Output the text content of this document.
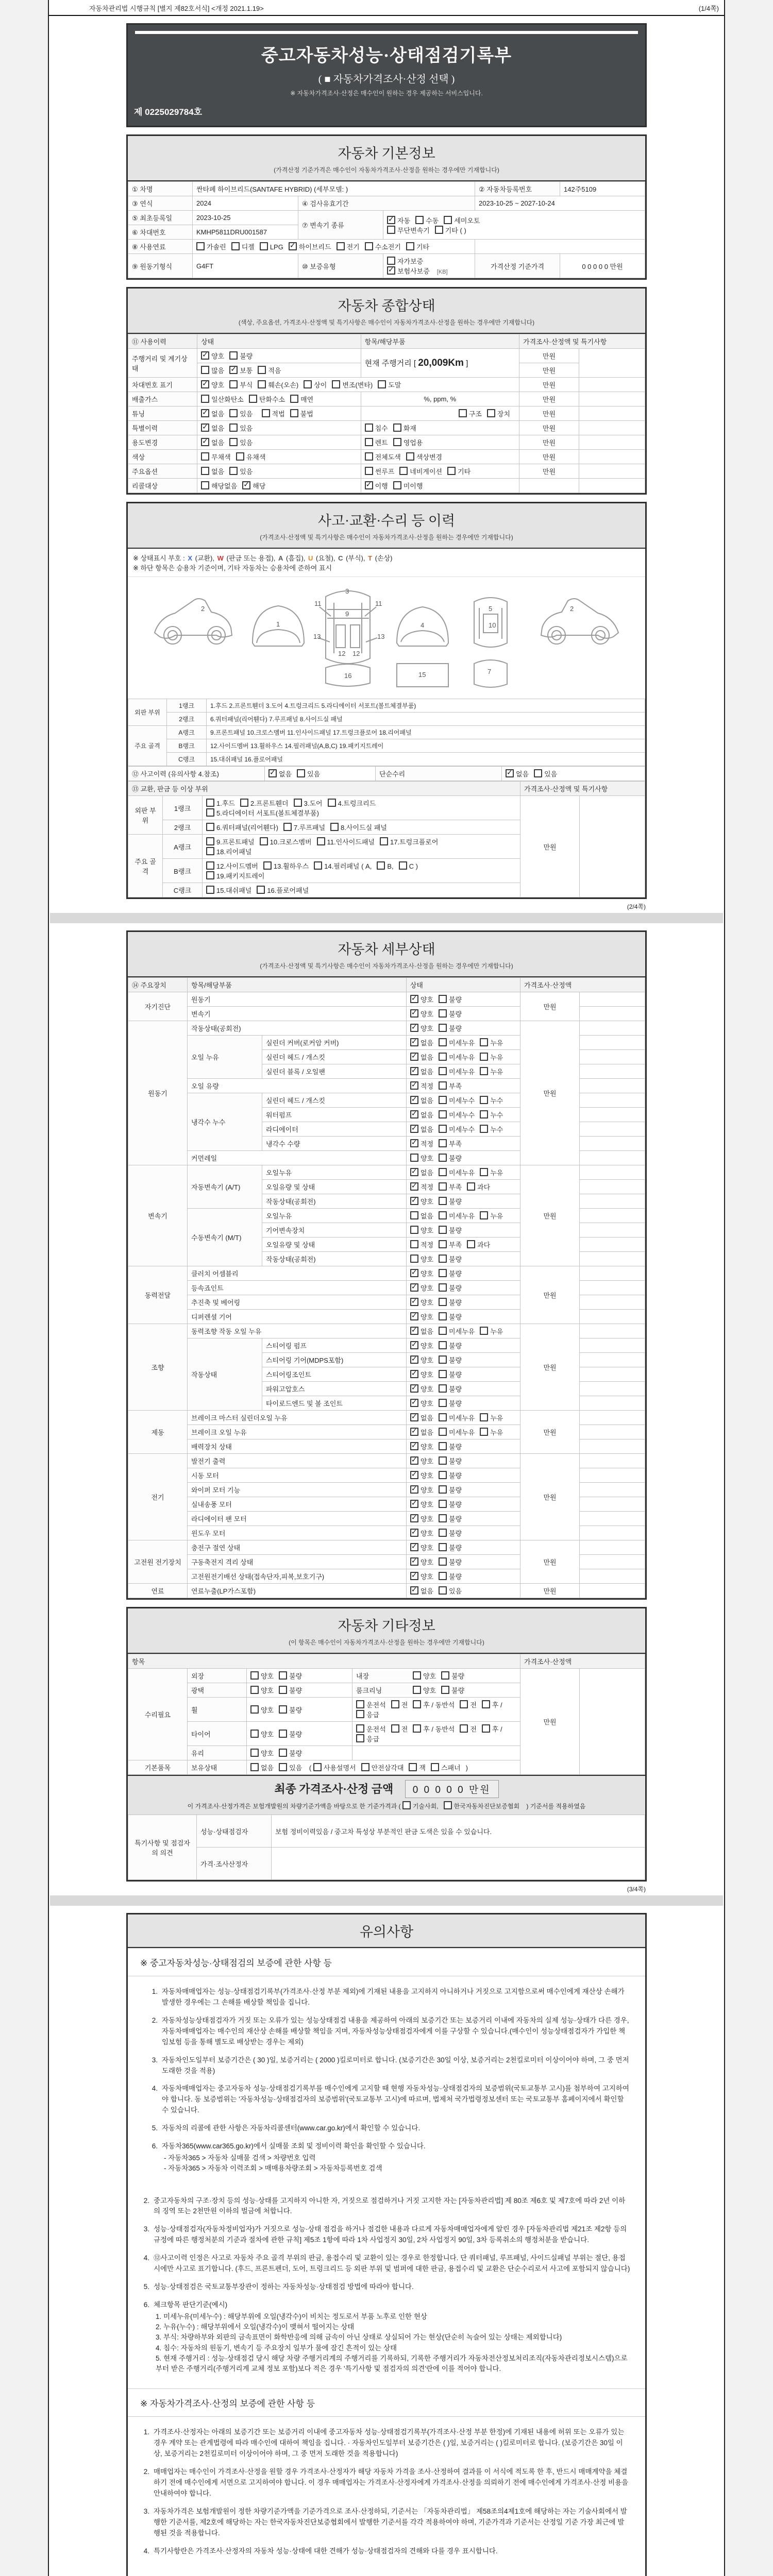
자동차관리법 시행규칙 [별지 제82호서식] <개정 2021.1.19>	(1/4쪽)
중고자동차성능·상태점검기록부
( ■ 자동차가격조사·산정 선택 )
※ 자동차가격조사·산정은 매수인이 원하는 경우 제공하는 서비스입니다.
제 0225029784호
자동차 기본정보
(가격산정 기준가격은 매수인이 자동차가격조사·산정을 원하는 경우에만 기재합니다)
① 차명	싼타페 하이브리드(SANTAFE HYBRID) (세부모델: )			② 자동차등록번호	142주5109
③ 연식	2024	④ 검사유효기간		2023-10-25 ~ 2027-10-24	
⑤ 최초등록일	2023-10-25	⑦ 변속기 종류	✓자동 수동 세미오토
무단변속기 기타 ( )
⑥ 차대번호	KMHP5811DRU001587				
⑧ 사용연료	가솔린 디젤 LPG ✓ 하이브리드 전기 수소전기 기타	
⑨ 원동기형식	G4FT	⑩ 보증유형	자가보증✓보험사보증 [KB]	가격산정 기준가격	0 0 0 0 0 만원
자동차 종합상태
(색상, 주요옵션, 가격조사·산정액 및 특기사항은 매수인이 자동차가격조사·산정을 원하는 경우에만 기재합니다)
⑪ 사용이력	상태	항목/해당부품	가격조사·산정액 및 특기사항	
주행거리 및 계기상태	✓양호 불량	현재 주행거리 [ 20,009Km ]	만원	
	많음 ✓ 보통 적음		만원	
차대번호 표기	✓양호 부식 훼손(오손) 상이 변조(변타) 도말		만원	
배출가스	일산화탄소 탄화수소 매연	%, ppm, %	만원	
튜닝	✓없음 있음 적법 불법	구조 장치	만원	
특별이력	✓없음 있음	침수 화재	만원	
용도변경	✓없음 있음	렌트 영업용	만원	
색상	무채색 유채색	전체도색 색상변경	만원	
주요옵션	없음 있음	썬루프 네비게이션 기타	만원	
리콜대상	해당없음 ✓ 해당	✓이행 미이행		
사고·교환·수리 등 이력
(가격조사·산정액 및 특기사항은 매수인이 자동차가격조사·산정을 원하는 경우에만 기재합니다)
※ 상태표시 부호 : X (교환), W (판금 또는 용접), A (흠집), U (요철), C (부식), T (손상)
※ 하단 항목은 승용차 기준이며, 기타 자동차는 승용차에 준하여 표시
2
1
11	11
13	13
12 12
3
9
4
2
5
10
7
16	15
외판 부위	1랭크	1.후드 2.프론트휀더 3.도어 4.트렁크리드 5.라디에이터 서포트(볼트체결부품)
	2랭크	6.쿼터패널(리어휀다) 7.루프패널 8.사이드실 패널
주요 골격	A랭크	9.프론트패널 10.크로스멤버 11.인사이드패널 17.트렁크플로어 18.리어패널
	B랭크	12.사이드멤버 13.휠하우스 14.필러패널(A,B,C) 19.패키지트레이
	C랭크	15.대쉬패널 16.플로어패널
⑫ 사고이력 (유의사항 4.참조)	✓없음 있음	단순수리	✓없음 있음
⑬ 교환, 판금 등 이상 부위			가격조사·산정액 및 특기사항	
외판 부위	1랭크	1.후드 2.프론트휀더 3.도어 4.트렁크리드
5.라디에이터 서포트(볼트체결부품)	만원	
	2랭크	6.쿼터패널(리어휀다) 7.루프패널 8.사이드실 패널		
주요 골격	A랭크	9.프론트패널 10.크로스멤버 11.인사이드패널 17.트렁크플로어
18.리어패널		
	B랭크	12.사이드멤버 13.휠하우스 14.필러패널 ( A, B, C )
19.패키지트레이		
	C랭크	15.대쉬패널 16.플로어패널		
(2/4쪽)
자동차 세부상태
(가격조사·산정액 및 특기사항은 매수인이 자동차가격조사·산정을 원하는 경우에만 기재합니다)
⑭ 주요장치	항목/해당부품		상태	가격조사·산정액	
자기진단	원동기	✓양호 불량	만원	
	변속기	✓양호 불량	
원동기	작동상태(공회전)	✓양호 불량	만원	
	오일 누유	실린더 커버(로커암 커버)	✓없음 미세누유 누유	
		실린더 헤드 / 개스킷	✓없음 미세누유 누유	
		실린더 블록 / 오일팬	✓없음 미세누유 누유	
	오일 유량	✓적정 부족	
	냉각수 누수	실린더 헤드 / 개스킷	✓없음 미세누수 누수	
		워터펌프	✓없음 미세누수 누수	
		라디에이터	✓없음 미세누수 누수	
		냉각수 수량	✓적정 부족	
	커먼레일		양호 불량		
변속기	자동변속기 (A/T)	오일누유	✓없음 미세누유 누유	만원	
		오일유량 및 상태	✓적정 부족 과다	
		작동상태(공회전)	✓양호 불량	
	수동변속기 (M/T)	오일누유	없음 미세누유 누유		
		기어변속장치	양호 불량		
		오일유량 및 상태	적정 부족 과다		
		작동상태(공회전)	양호 불량		
동력전달	클러치 어셈블리	✓양호 불량	만원	
	등속죠인트	✓양호 불량	
	추진축 및 베어링	✓양호 불량	
	디퍼렌셜 기어	✓양호 불량	
조향	동력조향 작동 오일 누유	✓없음 미세누유 누유	만원	
	작동상태	스티어링 펌프	✓양호 불량	
		스티어링 기어(MDPS포함)	✓양호 불량	
		스티어링조인트	✓양호 불량	
		파워고압호스	✓양호 불량	
		타이로드엔드 및 볼 조인트	✓양호 불량	
제동	브레이크 마스터 실린더오일 누유	✓없음 미세누유 누유	만원	
	브레이크 오일 누유	✓없음 미세누유 누유	
	배력장치 상태	✓양호 불량	
전기	발전기 출력	✓양호 불량	만원	
	시동 모터	✓양호 불량	
	와이퍼 모터 기능	✓양호 불량	
	실내송풍 모터	✓양호 불량	
	라디에이터 팬 모터	✓양호 불량	
	윈도우 모터	✓양호 불량	
고전원 전기장치	충전구 절연 상태	✓양호 불량	만원	
	구동축전지 격리 상태	✓양호 불량	
	고전원전기배선 상태(접속단자,피복,보호기구)	✓양호 불량	
연료	연료누출(LP가스포함)	✓없음 있음	만원	
자동차 기타정보
(이 항목은 매수인이 자동차가격조사·산정을 원하는 경우에만 기재합니다)
항목				가격조사·산정액	
수리필요	외장	양호 불량	내장 양호 불량	만원	
	광택	양호 불량	룸크리닝 양호 불량		
	휠	양호 불량	운전석 전 후 / 동반석 전 후 /응급		
	타이어	양호 불량	운전석 전 후 / 동반석 전 후 /응급		
	유리	양호 불량			
기본품목	보유상태	없음 있음 ( 사용설명서 안전삼각대 잭 스패너 )			
최종 가격조사·산정 금액 0 0 0 0 0 만원
이 가격조사·산정가격은 보험개발원의 차량기준가액을 바탕으로 한 기준가격과 ( 기술사회,	한국자동차진단보증협회 ) 기준서를 적용하였음
특기사항 및 점검자의 의견	성능·상태점검자	보험 정비이력있음 / 중고차 특성상 부분적인 판금 도색은 있을 수 있습니다.
	가격·조사산정자	
(3/4쪽)
유의사항
※ 중고자동차성능·상태점검의 보증에 관한 사항 등
1. 자동차매매업자는 성능·상태점검기록부(가격조사·산정 부분 제외)에 기재된 내용을 고지하지 아니하거나 거짓으로 고지함으로써 매수인에게 재산상 손해가 발생한 경우에는 그 손해를 배상할 책임을 집니다.
2. 자동차성능상태점검자가 거짓 또는 오류가 있는 성능상태점검 내용을 제공하여 아래의 보증기간 또는 보증거리 이내에 자동차의 실제 성능·상태가 다른 경우, 자동차매매업자는 매수인의 재산상 손해를 배상할 책임을 지며, 자동차성능상태점검자에게 이를 구상할 수 있습니다.(매수인이 성능상태점검자가 가입한 책임보험 등을 통해 별도로 배상받는 경우는 제외)
3. 자동차인도일부터 보증기간은 ( 30 )일, 보증거리는 ( 2000 )킬로미터로 합니다. (보증기간은 30일 이상, 보증거리는 2천킬로미터 이상이어야 하며, 그 중 먼저 도래한 것을 적용)
4. 자동차매매업자는 중고자동차 성능·상태점검기록부를 매수인에게 고지할 때 현행 자동차성능·상태점검자의 보증범위(국토교통부 고시)를 첨부하여 고지하여야 합니다. 동 보증범위는 '자동차성능·상태점검자의 보증범위'(국토교통부 고시)에 따르며, 법제처 국가법령정보센터 또는 국토교통부 홈페이지에서 확인할 수 있습니다.
5. 자동차의 리콜에 관한 사항은 자동차리콜센터(www.car.go.kr)에서 확인할 수 있습니다.
6. 자동차365(www.car365.go.kr)에서 실매물 조회 및 정비이력 확인을 확인할 수 있습니다.
- 자동차365 > 자동차 실매물 검색 > 차량번호 입력
- 자동차365 > 자동차 이력조회 > 매매용차량조회 > 자동차등록번호 검색
2. 중고자동차의 구조·장치 등의 성능·상태를 고지하지 아니한 자, 거짓으로 점검하거나 거짓 고지한 자는 [자동차관리법] 제 80조 제6호 및 제7호에 따라 2년 이하의 징역 또는 2천만원 이하의 벌금에 처합니다.
3. 성능·상태점검자(자동차정비업자)가 거짓으로 성능·상태 점검을 하거나 점검한 내용과 다르게 자동차매매업자에게 알린 경우 [자동차관리법 제21조 제2항 등의 규정에 따른 행정처분의 기준과 절차에 관한 규칙] 제5조 1항에 따라 1차 사업정지 30일, 2차 사업정지 90일, 3차 등록취소의 행정처분을 받습니다.
4. ⑫사고이력 인정은 사고로 자동차 주요 골격 부위의 판금, 용접수리 및 교환이 있는 경우로 한정합니다. 단 쿼터패널, 루프패널, 사이드실패널 부위는 절단, 용접 시에만 사고로 표기합니다. (후드, 프론트펜더, 도어, 트렁크리드 등 외판 부위 및 범퍼에 대한 판금, 용접수리 및 교환은 단순수리로서 사고에 포함되지 않습니다)
5. 성능·상태점검은 국토교통부장관이 정하는 자동차성능·상태점검 방법에 따라야 합니다.
6. 체크항목 판단기준(예시)
1. 미세누유(미세누수) : 해당부위에 오일(냉각수)이 비치는 정도로서 부품 노후로 인한 현상
2. 누유(누수) : 해당부위에서 오일(냉각수)이 맺혀서 떨어지는 상태
3. 부식: 차량하부와 외판의 금속표면이 화학반응에 의해 금속이 아닌 상태로 상실되어 가는 현상(단순히 녹슬어 있는 상태는 제외합니다)
4. 침수: 자동차의 원동기, 변속기 등 주요장치 일부가 물에 잠긴 흔적이 있는 상태
5. 현재 주행거리 : 성능·상태점검 당시 해당 차량 주행거리계의 주행거리를 기록하되, 기록한 주행거리가 자동차전산정보처리조직(자동차관리정보시스템)으로부터 받은 주행거리(주행거리계 교체 정보 포함)보다 적은 경우 '특기사항 및 점검자의 의견'란에 이를 적어야 합니다.
※ 자동차가격조사·산정의 보증에 관한 사항 등
1. 가격조사·산정자는 아래의 보증기간 또는 보증거리 이내에 중고자동차 성능·상태점검기록부(가격조사·산정 부분 한정)에 기재된 내용에 허위 또는 오류가 있는 경우 계약 또는 관계법령에 따라 매수인에 대하여 책임을 집니다. · 자동차인도일부터 보증기간은 ( )일, 보증거리는 ( )킬로미터로 합니다. (보증기간은 30일 이상, 보증거리는 2천킬로미터 이상이어야 하며, 그 중 먼저 도래한 것을 적용합니다)
2. 매매업자는 매수인이 가격조사·산정을 원할 경우 가격조사·산정자가 해당 자동차 가격을 조사·산정하여 결과를 이 서식에 적도록 한 후, 반드시 매매계약을 체결하기 전에 매수인에게 서면으로 고지하여야 합니다. 이 경우 매매업자는 가격조사·산정자에게 가격조사·산정을 의뢰하기 전에 매수인에게 가격조사·산정 비용을 안내하여야 합니다.
3. 자동차가격은 보험개발원이 정한 차량기준가액을 기준가격으로 조사·산정하되, 기준서는 「자동차관리법」 제58조의4제1호에 해당하는 자는 기술사회에서 발행한 기준서를, 제2호에 해당하는 자는 한국자동차진단보증협회에서 발행한 기준서를 각각 적용하여야 하며, 기준가격과 기준서는 산정일 기준 가장 최근에 발행된 것을 적용합니다.
4. 특기사항란은 가격조사·산정자의 자동차 성능·상태에 대한 견해가 성능·상태점검자의 견해와 다를 경우 표시합니다.
